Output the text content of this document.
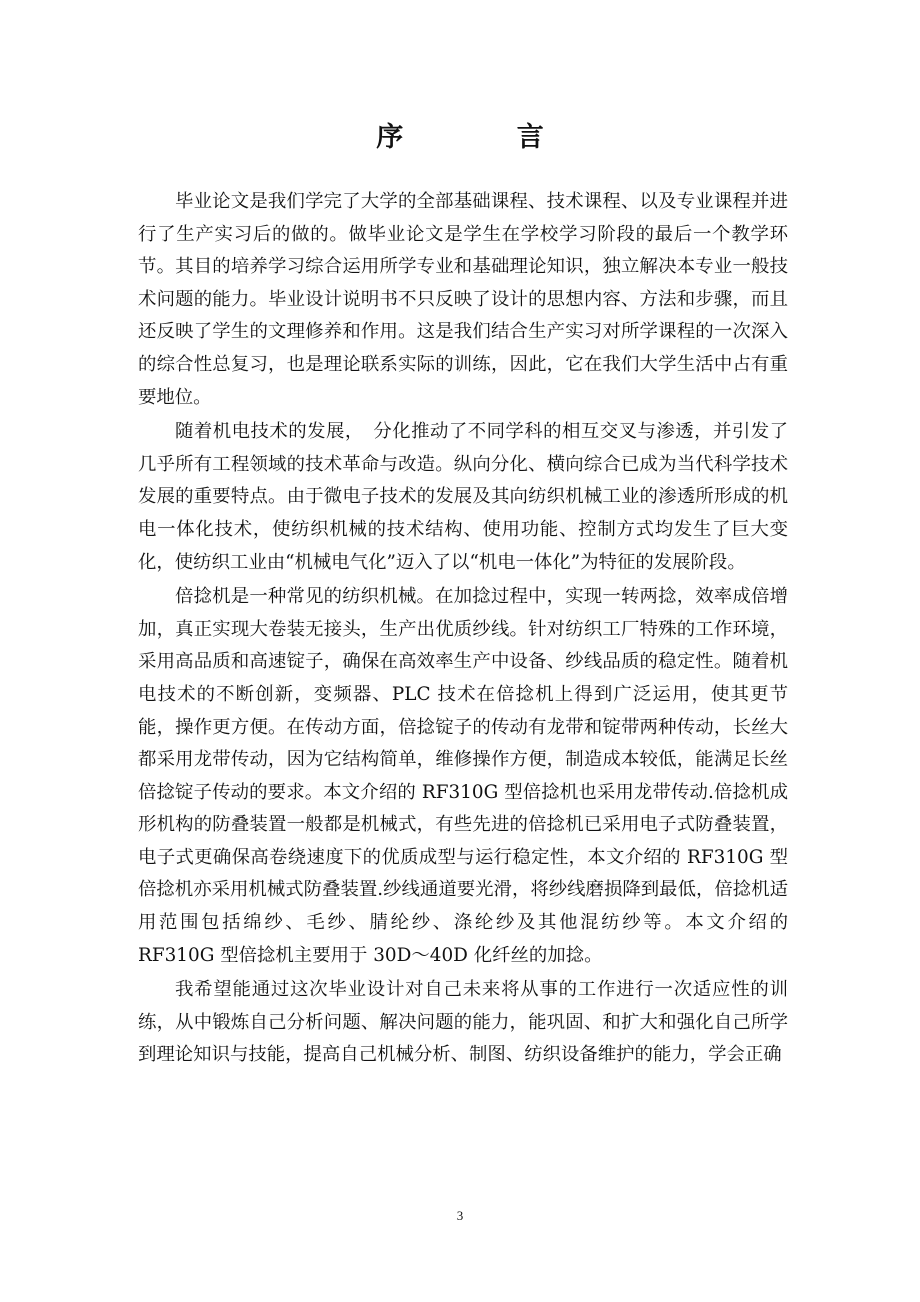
序 言

毕业论文是我们学完了大学的全部基础课程、技术课程、以及专业课程并进行了生产实习后的做的。做毕业论文是学生在学校学习阶段的最后一个教学环节。其目的培养学习综合运用所学专业和基础理论知识，独立解决本专业一般技术问题的能力。毕业设计说明书不只反映了设计的思想内容、方法和步骤，而且还反映了学生的文理修养和作用。这是我们结合生产实习对所学课程的一次深入的综合性总复习，也是理论联系实际的训练，因此，它在我们大学生活中占有重要地位。

随着机电技术的发展，　分化推动了不同学科的相互交叉与渗透，并引发了几乎所有工程领域的技术革命与改造。纵向分化、横向综合已成为当代科学技术发展的重要特点。由于微电子技术的发展及其向纺织机械工业的渗透所形成的机电一体化技术，使纺织机械的技术结构、使用功能、控制方式均发生了巨大变化，使纺织工业由“机械电气化”迈入了以“机电一体化”为特征的发展阶段。

倍捻机是一种常见的纺织机械。在加捻过程中，实现一转两捻，效率成倍增加，真正实现大卷装无接头，生产出优质纱线。针对纺织工厂特殊的工作环境，采用高品质和高速锭子，确保在高效率生产中设备、纱线品质的稳定性。随着机电技术的不断创新，变频器、PLC 技术在倍捻机上得到广泛运用，使其更节能，操作更方便。在传动方面，倍捻锭子的传动有龙带和锭带两种传动，长丝大都采用龙带传动，因为它结构简单，维修操作方便，制造成本较低，能满足长丝倍捻锭子传动的要求。本文介绍的 RF310G 型倍捻机也采用龙带传动.倍捻机成形机构的防叠装置一般都是机械式，有些先进的倍捻机已采用电子式防叠装置，电子式更确保高卷绕速度下的优质成型与运行稳定性，本文介绍的 RF310G 型倍捻机亦采用机械式防叠装置.纱线通道要光滑，将纱线磨损降到最低，倍捻机适用范围包括绵纱、毛纱、腈纶纱、涤纶纱及其他混纺纱等。本文介绍的 RF310G 型倍捻机主要用于 30D～40D 化纤丝的加捻。

我希望能通过这次毕业设计对自己未来将从事的工作进行一次适应性的训练，从中锻炼自己分析问题、解决问题的能力，能巩固、和扩大和强化自己所学到理论知识与技能，提高自己机械分析、制图、纺织设备维护的能力，学会正确

3
